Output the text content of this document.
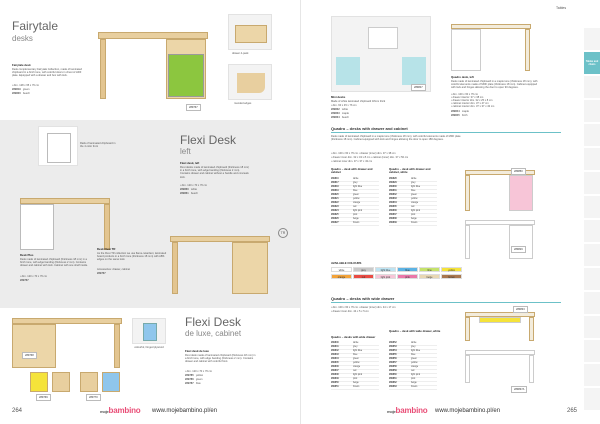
Fairytale
desks
Fairytale desk
Desk complementary Fairytale Collection, made of laminated chipboard in a birch tone, with colorful doors in chest of HDF plate. Equipped with a drawer and box with lock.
• dim. 128 x 65 x 76 cm
289819 green
289820 beech
289767
drawer 4-pack
rounded edges
Rails of laminated chipboard in the 4 color front	Flexi Desk
left
Flexi desk, left
Flexi desks made of laminated chipboard (thickness 18 mm) in a birch tone, with edge banding (thickness 2 mm). Contains drawer and cabinet without a handle and conceals lock.
• dim. 120 x 70 x 76 cm
289860 white
289861 beech
Desk Plus
Desk made of laminated chipboard (thickness 18 mm) in a birch tone, with edge banding (thickness 2 mm). Contains drawer and cabinet with lock. Cabinet with one shelf inside.
• dim. 120 x 70 x 76 cm
289767
Desk Flexi TR
As the Flexi TR collection we use flame-retardant, laminated board products in a birch tone (thickness 18 mm) with ABS edges on the same look.
Accessories: drawer, cabinet
289767
TR
Flexi Desk
de luxe, cabinet
Flexi desk de luxe
Flexi desk made of laminated chipboard (thickness 18 mm) in a birch tone, with edge banding (thickness 2 mm). Contains drawer and cabinet with colorful front.
• dim. 120 x 70 x 76 cm
289785 yellow
289786 green
289787 blue
289768
289769	289770
colourful, hinged plywood
264	mojebambino www.mojebambino.pl/en
Tables
289847
Mini desks
Made of white laminated chipboard 18mm thick
• dim. 60 x 45 x 76 cm
289832 white
289833 maple
289834 beech
Quadro desk, left
Desk made of laminated chipboard in a maple tone (thickness 18 mm), with colorful elements made of MDF plate (thickness 18 mm). Cabinet equipped with lock and hinges allowing the door to open 90 degrees.
• dim. 100 x 60 x 76 cm
• drawer interior: 37 x 38 cm
• drawer interior dim. 32 x 25 x 8 cm
• cabinet interior dim. 37 x 47 cm
• cabinet interior dim. 37 x 37 x 43 cm
289844 maple
289845 birch
Quadro – desks with drawer and cabinet
Desk made of laminated chipboard in a maple tone (thickness 18 mm), with colorful elements made of MDF plate (thickness 18 mm). Cabinet equipped with lock and hinges allowing the door to open 180 degrees.
• dim. 100 x 60 x 76 cm • drawer (inner) dim. 37 x 38 cm
• drawer inner dim. 32 x 43 x 8 cm • cabinet (inner) dim. 37 x 50 cm
• cabinet inner dim. 37 x 37 x 43 cm
Quadro – desk with drawer and cabinet
289816	white
289817	grey
289818	light blue
289819	blue
289820	green
289821	yellow
289822	orange
289823	red
289824	light pink
289825	pink
289826	beige
289827	brown
Quadro – desk with drawer and cabinet, white
289828	white
289829	grey
289830	light blue
289831	blue
289832	green
289833	yellow
289834	orange
289835	red
289836	light pink
289837	pink
289838	beige
289839	brown
289850
289829
AVAILABLE COLOURS
white	grey	light blue	blue	lime	yellow
orange	red	light pink	pink	beige	brown
Quadro – desks with wide drawer
• dim. 100 x 60 x 76 cm • drawer (inner) dim. 44 x 17 cm
• drawer inner dim. 44 x 5 x 5 cm
Quadro – desks with wide drawer
289840	white
289841	grey
289842	light blue
289843	blue
289844	green
289845	yellow
289846	orange
289847	red
289848	light pink
289849	pink
289850	beige
289851	brown
Quadro – desk with wide drawer, white
289852	white
289853	grey
289854	light blue
289855	blue
289856	green
289857	yellow
289858	orange
289859	red
289860	light pink
289861	pink
289862	beige
289863	brown
289833
289837A
Tables and chairs
mojebambino www.mojebambino.pl/en	265
